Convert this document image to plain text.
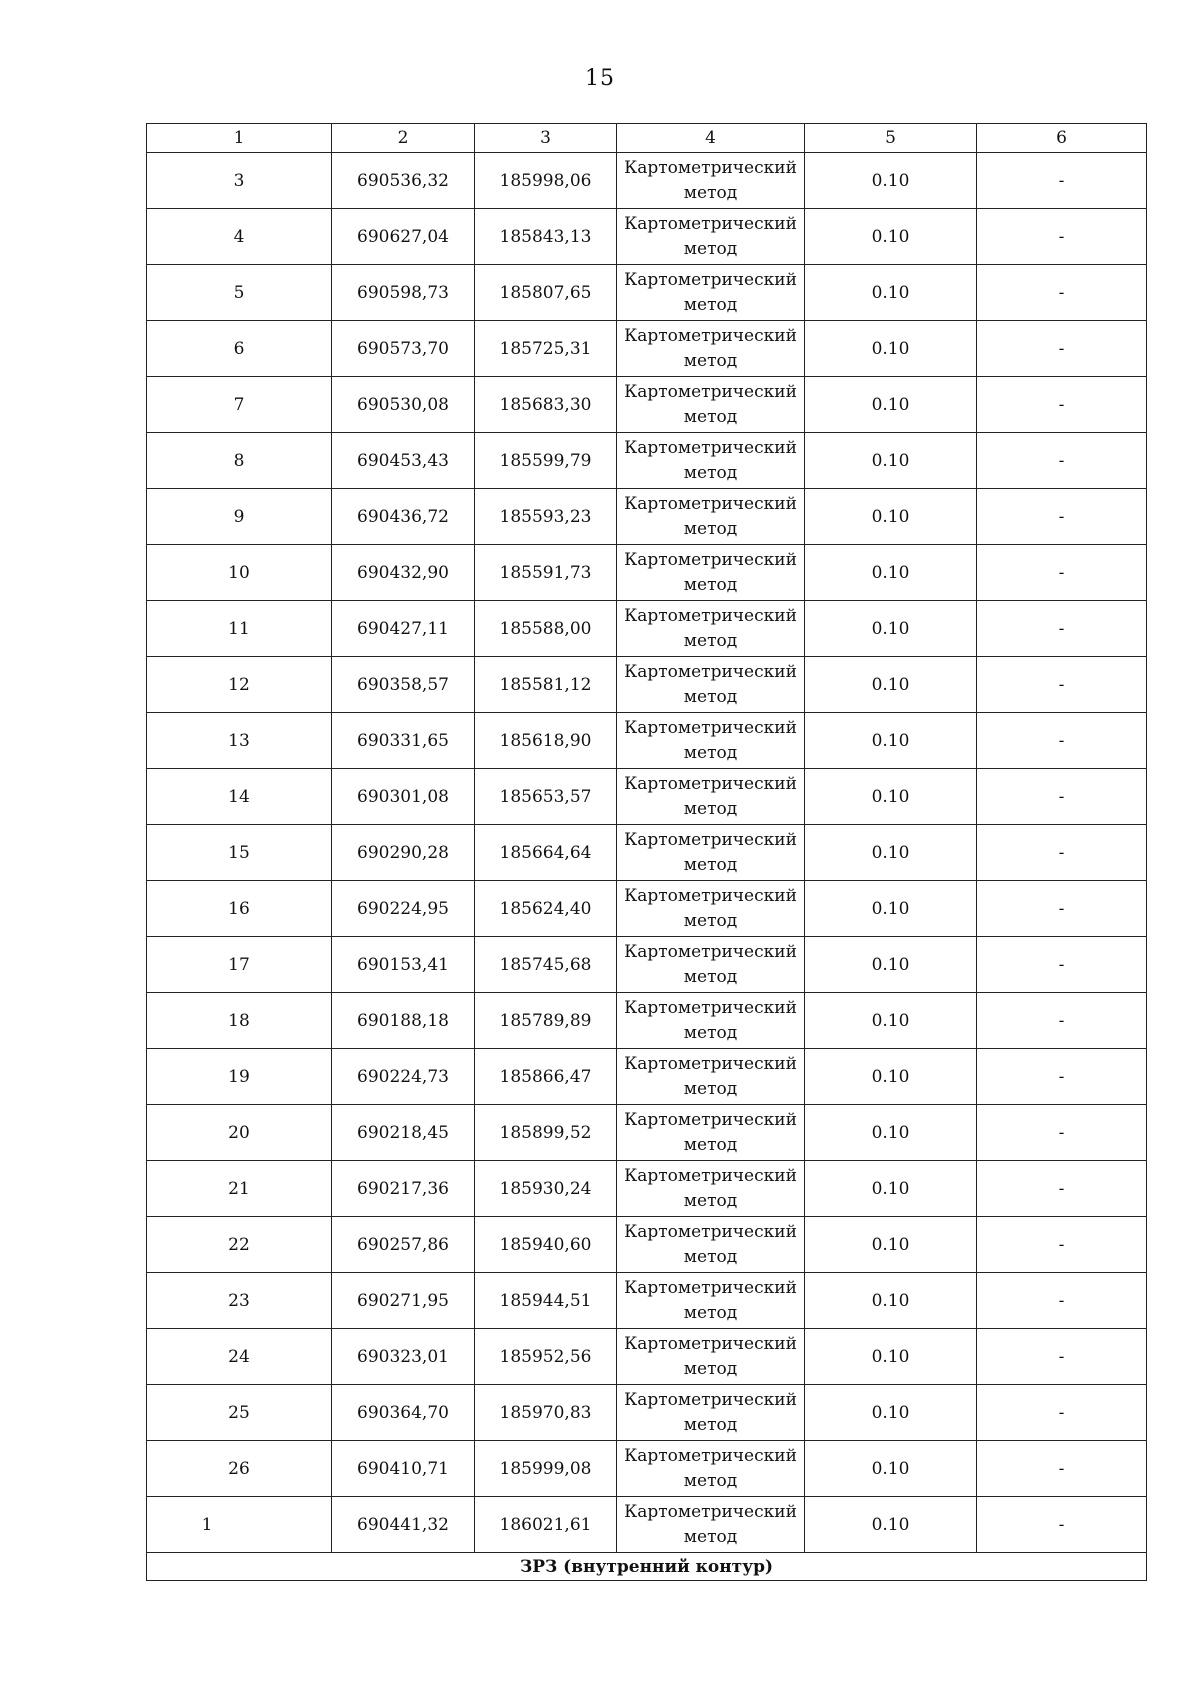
15
1	2	3	4	5	6
3	690536,32	185998,06	Картометрический метод	0.10	-
4	690627,04	185843,13	Картометрический метод	0.10	-
5	690598,73	185807,65	Картометрический метод	0.10	-
6	690573,70	185725,31	Картометрический метод	0.10	-
7	690530,08	185683,30	Картометрический метод	0.10	-
8	690453,43	185599,79	Картометрический метод	0.10	-
9	690436,72	185593,23	Картометрический метод	0.10	-
10	690432,90	185591,73	Картометрический метод	0.10	-
11	690427,11	185588,00	Картометрический метод	0.10	-
12	690358,57	185581,12	Картометрический метод	0.10	-
13	690331,65	185618,90	Картометрический метод	0.10	-
14	690301,08	185653,57	Картометрический метод	0.10	-
15	690290,28	185664,64	Картометрический метод	0.10	-
16	690224,95	185624,40	Картометрический метод	0.10	-
17	690153,41	185745,68	Картометрический метод	0.10	-
18	690188,18	185789,89	Картометрический метод	0.10	-
19	690224,73	185866,47	Картометрический метод	0.10	-
20	690218,45	185899,52	Картометрический метод	0.10	-
21	690217,36	185930,24	Картометрический метод	0.10	-
22	690257,86	185940,60	Картометрический метод	0.10	-
23	690271,95	185944,51	Картометрический метод	0.10	-
24	690323,01	185952,56	Картометрический метод	0.10	-
25	690364,70	185970,83	Картометрический метод	0.10	-
26	690410,71	185999,08	Картометрический метод	0.10	-
1	690441,32	186021,61	Картометрический метод	0.10	-
ЗРЗ (внутренний контур)					
